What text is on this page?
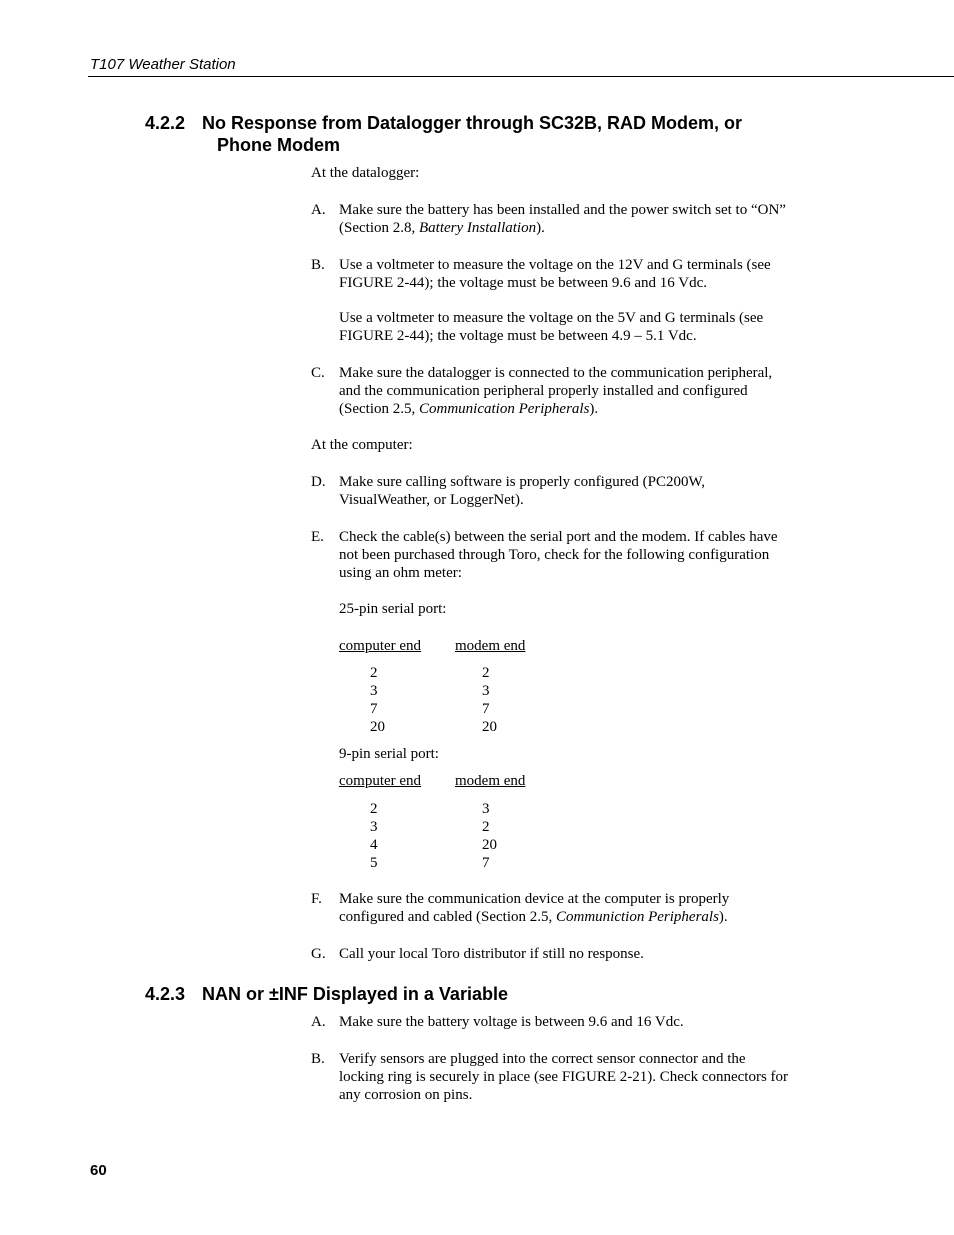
T107 Weather Station
4.2.2 No Response from Datalogger through SC32B, RAD Modem, or
Phone Modem
At the datalogger:
A. Make sure the battery has been installed and the power switch set to “ON”
(Section 2.8, Battery Installation).
B. Use a voltmeter to measure the voltage on the 12V and G terminals (see
FIGURE 2-44); the voltage must be between 9.6 and 16 Vdc.
Use a voltmeter to measure the voltage on the 5V and G terminals (see
FIGURE 2-44); the voltage must be between 4.9 – 5.1 Vdc.
C. Make sure the datalogger is connected to the communication peripheral,
and the communication peripheral properly installed and configured
(Section 2.5, Communication Peripherals).
At the computer:
D. Make sure calling software is properly configured (PC200W,
VisualWeather, or LoggerNet).
E. Check the cable(s) between the serial port and the modem. If cables have
not been purchased through Toro, check for the following configuration
using an ohm meter:
25-pin serial port:
computer end modem end
2
3
7
20
2
3
7
20
9-pin serial port:
computer end modem end
2
3
4
5
3
2
20
7
F. Make sure the communication device at the computer is properly
configured and cabled (Section 2.5, Communiction Peripherals).
G. Call your local Toro distributor if still no response.
4.2.3 NAN or ±INF Displayed in a Variable
A. Make sure the battery voltage is between 9.6 and 16 Vdc.
B. Verify sensors are plugged into the correct sensor connector and the
locking ring is securely in place (see FIGURE 2-21). Check connectors for
any corrosion on pins.
60
